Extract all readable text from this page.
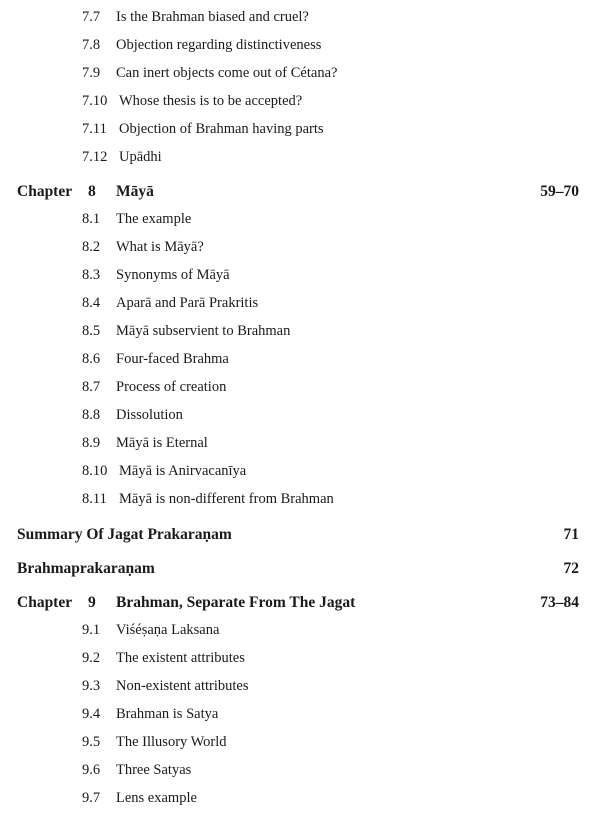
7.7 Is the Brahman biased and cruel?
7.8 Objection regarding distinctiveness
7.9 Can inert objects come out of Cétana?
7.10 Whose thesis is to be accepted?
7.11 Objection of Brahman having parts
7.12 Upādhi
Chapter 8 Māyā	59–70
8.1 The example
8.2 What is Māyā?
8.3 Synonyms of Māyā
8.4 Aparā and Parā Prakritis
8.5 Māyā subservient to Brahman
8.6 Four-faced Brahma
8.7 Process of creation
8.8 Dissolution
8.9 Māyā is Eternal
8.10 Māyā is Anirvacanīya
8.11 Māyā is non-different from Brahman
Summary Of Jagat Prakaraṇam	71
Brahmaprakaraṇam	72
Chapter 9 Brahman, Separate From The Jagat	73–84
9.1 Viśéṣaṇa Laksana
9.2 The existent attributes
9.3 Non-existent attributes
9.4 Brahman is Satya
9.5 The Illusory World
9.6 Three Satyas
9.7 Lens example
